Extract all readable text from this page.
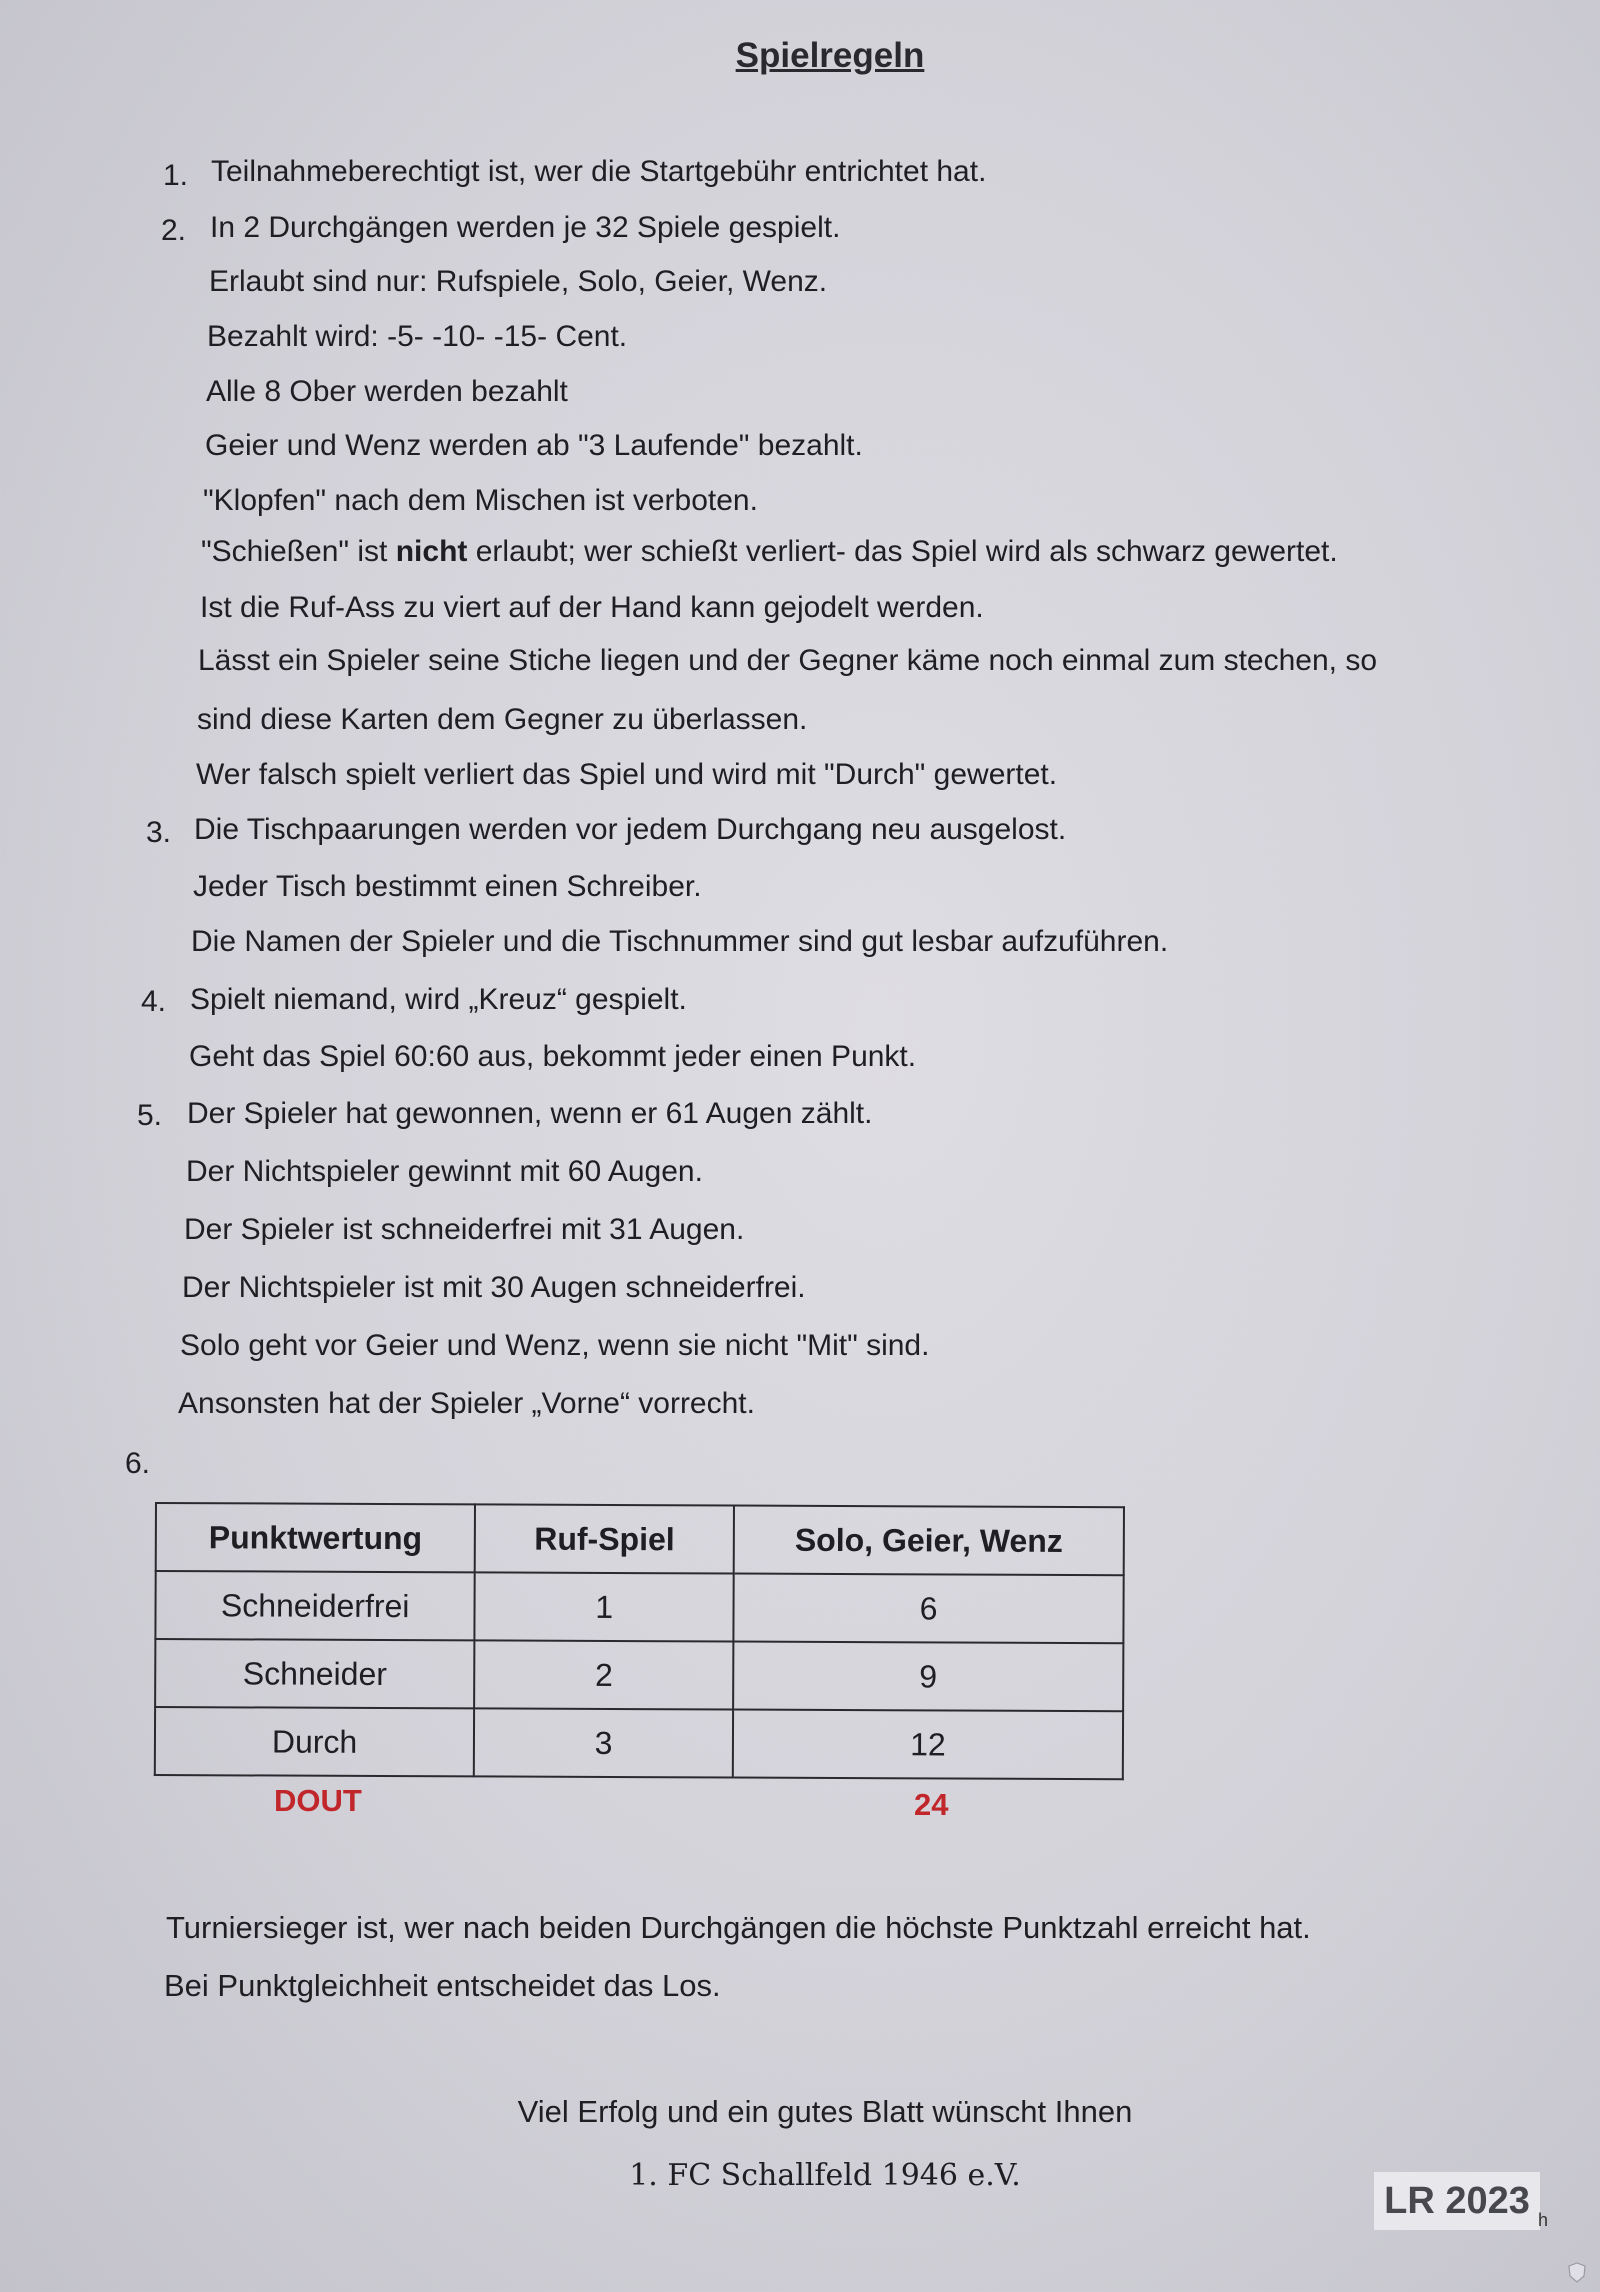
Spielregeln
1. Teilnahmeberechtigt ist, wer die Startgebühr entrichtet hat.
2. In 2 Durchgängen werden je 32 Spiele gespielt.
Erlaubt sind nur: Rufspiele, Solo, Geier, Wenz.
Bezahlt wird: -5- -10- -15- Cent.
Alle 8 Ober werden bezahlt
Geier und Wenz werden ab "3 Laufende" bezahlt.
"Klopfen" nach dem Mischen ist verboten.
"Schießen" ist nicht erlaubt; wer schießt verliert- das Spiel wird als schwarz gewertet.
Ist die Ruf-Ass zu viert auf der Hand kann gejodelt werden.
Lässt ein Spieler seine Stiche liegen und der Gegner käme noch einmal zum stechen, so
sind diese Karten dem Gegner zu überlassen.
Wer falsch spielt verliert das Spiel und wird mit "Durch" gewertet.
3. Die Tischpaarungen werden vor jedem Durchgang neu ausgelost.
Jeder Tisch bestimmt einen Schreiber.
Die Namen der Spieler und die Tischnummer sind gut lesbar aufzuführen.
4. Spielt niemand, wird „Kreuz“ gespielt.
Geht das Spiel 60:60 aus, bekommt jeder einen Punkt.
5. Der Spieler hat gewonnen, wenn er 61 Augen zählt.
Der Nichtspieler gewinnt mit 60 Augen.
Der Spieler ist schneiderfrei mit 31 Augen.
Der Nichtspieler ist mit 30 Augen schneiderfrei.
Solo geht vor Geier und Wenz, wenn sie nicht "Mit" sind.
Ansonsten hat der Spieler „Vorne“ vorrecht.
6.
Punktwertung	Ruf-Spiel	Solo, Geier, Wenz
Schneiderfrei	1	6
Schneider	2	9
Durch	3	12
DOUT	24
Turniersieger ist, wer nach beiden Durchgängen die höchste Punktzahl erreicht hat.
Bei Punktgleichheit entscheidet das Los.
Viel Erfolg und ein gutes Blatt wünscht Ihnen
1. FC Schallfeld 1946 e.V.
LR 2023 h
